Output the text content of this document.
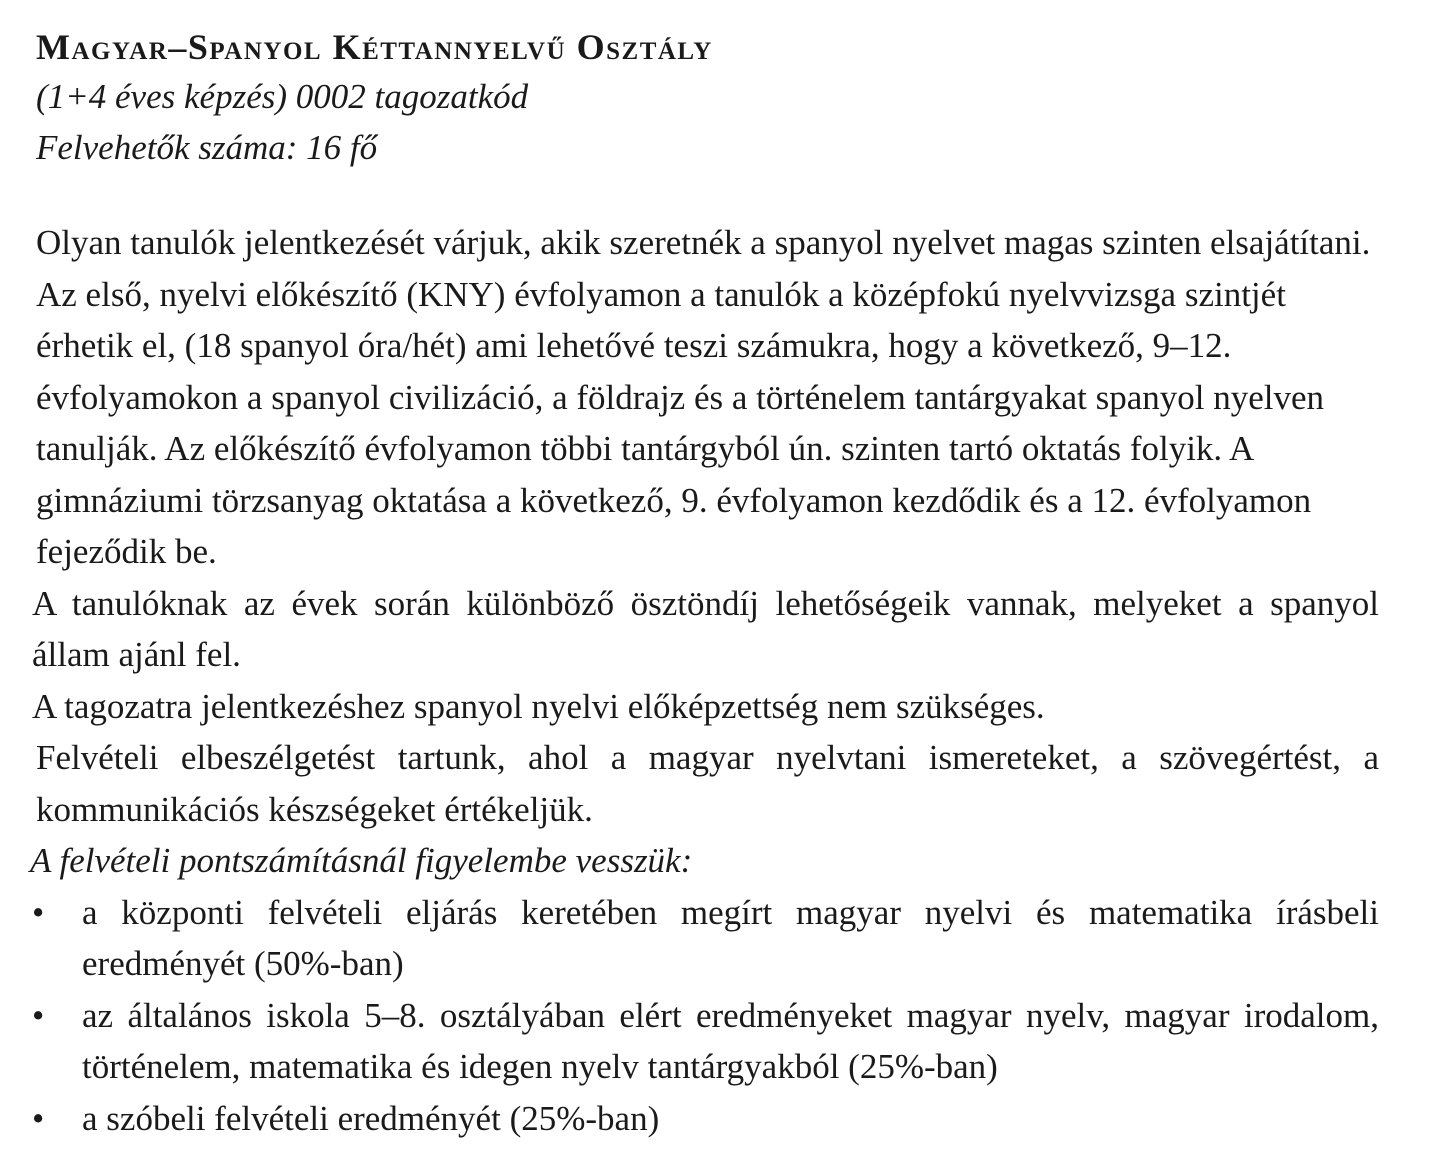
Magyar–Spanyol Kéttannyelvű Osztály
(1+4 éves képzés) 0002 tagozatkód
Felvehetők száma: 16 fő

Olyan tanulók jelentkezését várjuk, akik szeretnék a spanyol nyelvet magas szinten elsajátítani. Az első, nyelvi előkészítő (KNY) évfolyamon a tanulók a középfokú nyelvvizsga szintjét érhetik el, (18 spanyol óra/hét) ami lehetővé teszi számukra, hogy a következő, 9–12. évfolyamokon a spanyol civilizáció, a földrajz és a történelem tantárgyakat spanyol nyelven tanulják. Az előkészítő évfolyamon többi tantárgyból ún. szinten tartó oktatás folyik. A gimnáziumi törzsanyag oktatása a következő, 9. évfolyamon kezdődik és a 12. évfolyamon fejeződik be.

A tanulóknak az évek során különböző ösztöndíj lehetőségeik vannak, melyeket a spanyol állam ajánl fel.

A tagozatra jelentkezéshez spanyol nyelvi előképzettség nem szükséges.

Felvételi elbeszélgetést tartunk, ahol a magyar nyelvtani ismereteket, a szövegértést, a kommunikációs készségeket értékeljük.

A felvételi pontszámításnál figyelembe vesszük:

•	a központi felvételi eljárás keretében megírt magyar nyelvi és matematika írásbeli eredményét (50%-ban)
•	az általános iskola 5–8. osztályában elért eredményeket magyar nyelv, magyar irodalom, történelem, matematika és idegen nyelv tantárgyakból (25%-ban)
•	a szóbeli felvételi eredményét (25%-ban)
